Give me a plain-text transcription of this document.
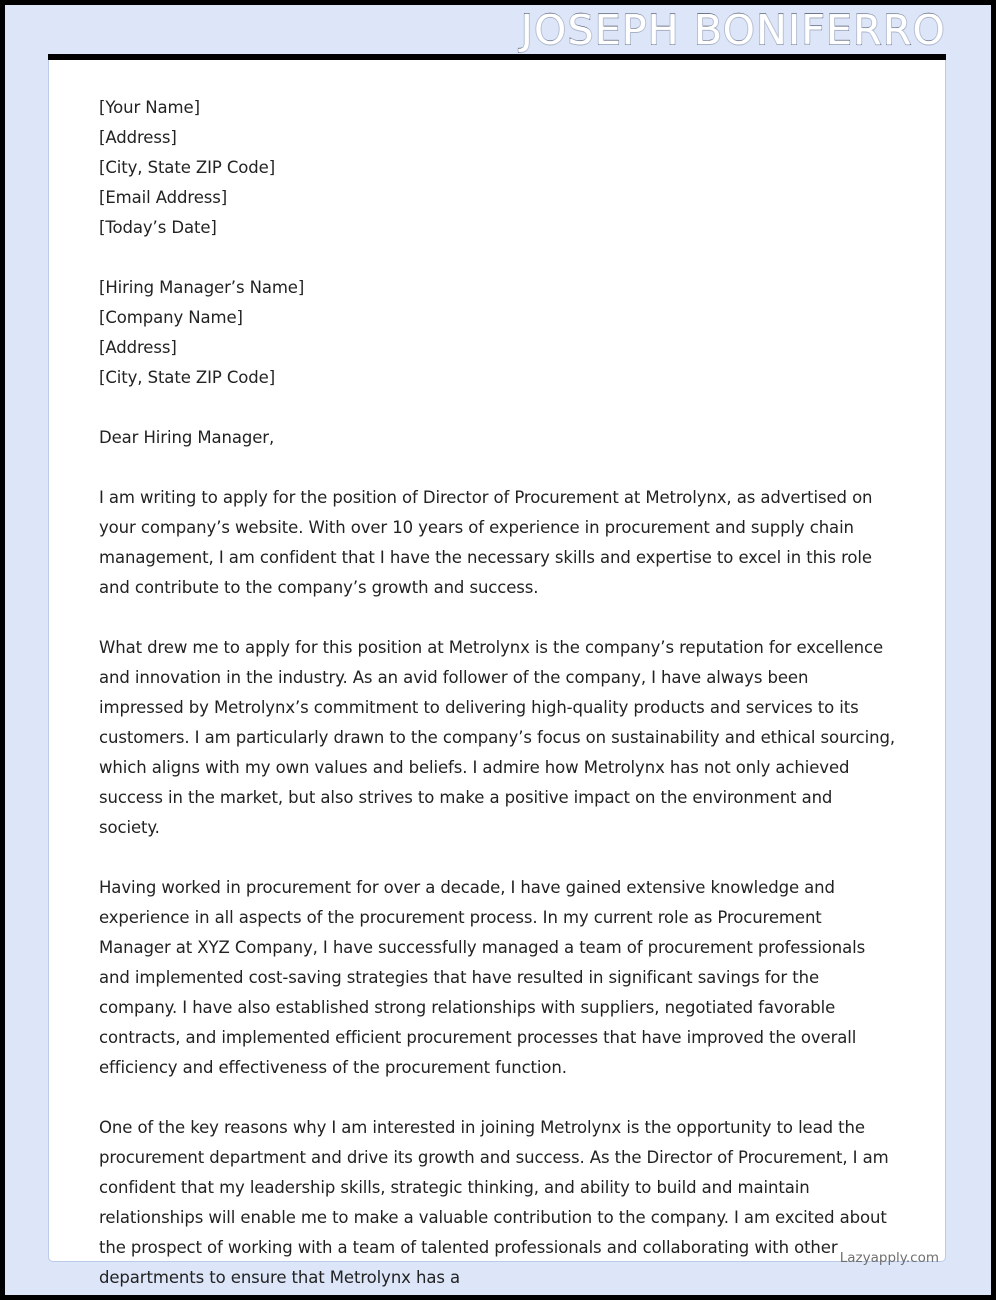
JOSEPH BONIFERRO
[Your Name]
[Address]
[City, State ZIP Code]
[Email Address]
[Today’s Date]
[Hiring Manager’s Name]
[Company Name]
[Address]
[City, State ZIP Code]
Dear Hiring Manager,

I am writing to apply for the position of Director of Procurement at Metrolynx, as advertised on your company’s website. With over 10 years of experience in procurement and supply chain management, I am confident that I have the necessary skills and expertise to excel in this role and contribute to the company’s growth and success.

What drew me to apply for this position at Metrolynx is the company’s reputation for excellence and innovation in the industry. As an avid follower of the company, I have always been impressed by Metrolynx’s commitment to delivering high-quality products and services to its customers. I am particularly drawn to the company’s focus on sustainability and ethical sourcing, which aligns with my own values and beliefs. I admire how Metrolynx has not only achieved success in the market, but also strives to make a positive impact on the environment and society.

Having worked in procurement for over a decade, I have gained extensive knowledge and experience in all aspects of the procurement process. In my current role as Procurement Manager at XYZ Company, I have successfully managed a team of procurement professionals and implemented cost-saving strategies that have resulted in significant savings for the company. I have also established strong relationships with suppliers, negotiated favorable contracts, and implemented efficient procurement processes that have improved the overall efficiency and effectiveness of the procurement function.

One of the key reasons why I am interested in joining Metrolynx is the opportunity to lead the procurement department and drive its growth and success. As the Director of Procurement, I am confident that my leadership skills, strategic thinking, and ability to build and maintain relationships will enable me to make a valuable contribution to the company. I am excited about the prospect of working with a team of talented professionals and collaborating with other departments to ensure that Metrolynx has a

Lazyapply.com
